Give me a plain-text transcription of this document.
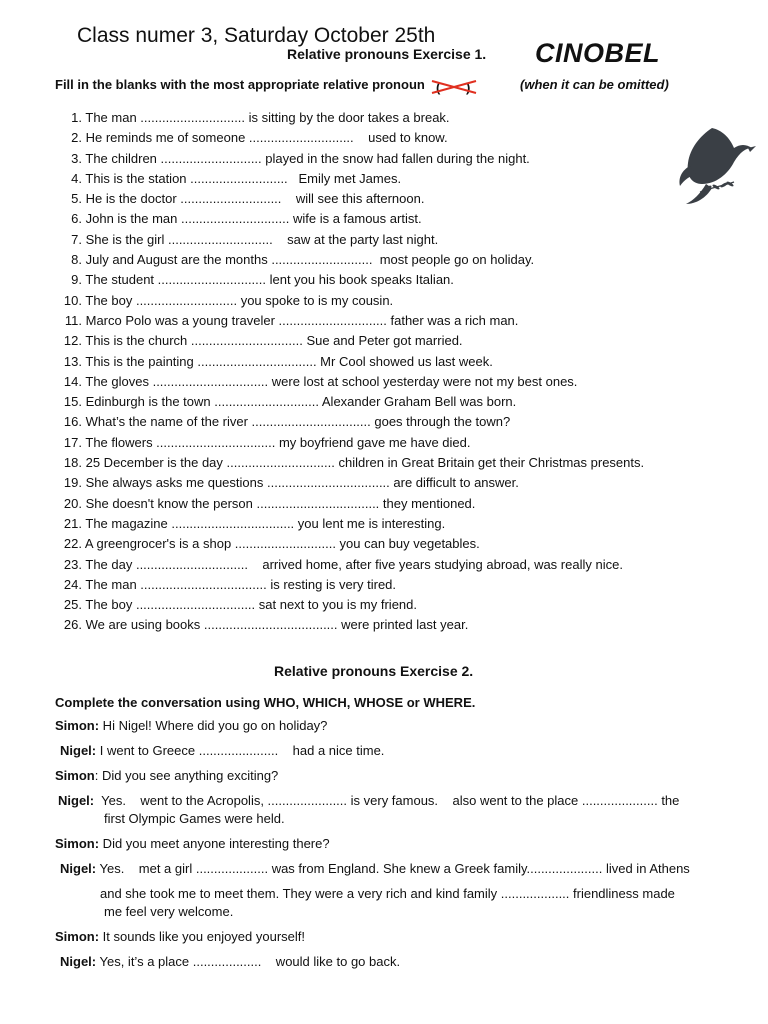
Class numer 3, Saturday October 25th
Relative pronouns Exercise 1. CINOBEL
Fill in the blanks with the most appropriate relative pronoun ( )	(when it can be omitted)
1. The man ............................. is sitting by the door takes a break.
2. He reminds me of someone .............................    used to know.
3. The children ............................ played in the snow had fallen during the night.
4. This is the station ...........................   Emily met James.
5. He is the doctor ............................    will see this afternoon.
6. John is the man .............................. wife is a famous artist.
7. She is the girl .............................    saw at the party last night.
8. July and August are the months ............................  most people go on holiday.
9. The student .............................. lent you his book speaks Italian.
10. The boy ............................ you spoke to is my cousin.
11. Marco Polo was a young traveler .............................. father was a rich man.
12. This is the church ............................... Sue and Peter got married.
13. This is the painting ................................. Mr Cool showed us last week.
14. The gloves ................................ were lost at school yesterday were not my best ones.
15. Edinburgh is the town ............................. Alexander Graham Bell was born.
16. What’s the name of the river ................................. goes through the town?
17. The flowers ................................. my boyfriend gave me have died.
18. 25 December is the day .............................. children in Great Britain get their Christmas presents.
19. She always asks me questions .................................. are difficult to answer.
20. She doesn't know the person .................................. they mentioned.
21. The magazine .................................. you lent me is interesting.
22. A greengrocer's is a shop ............................ you can buy vegetables.
23. The day ...............................    arrived home, after five years studying abroad, was really nice.
24. The man ................................... is resting is very tired.
25. The boy ................................. sat next to you is my friend.
26. We are using books ..................................... were printed last year.
Relative pronouns Exercise 2.
Complete the conversation using WHO, WHICH, WHOSE or WHERE.
Simon: Hi Nigel! Where did you go on holiday?
Nigel: I went to Greece ......................    had a nice time.
Simon: Did you see anything exciting?
Nigel:  Yes.    went to the Acropolis, ...................... is very famous.    also went to the place ..................... the
first Olympic Games were held.
Simon: Did you meet anyone interesting there?
Nigel: Yes.    met a girl .................... was from England. She knew a Greek family..................... lived in Athens
and she took me to meet them. They were a very rich and kind family ................... friendliness made
me feel very welcome.
Simon: It sounds like you enjoyed yourself!
Nigel: Yes, it’s a place ...................    would like to go back.
